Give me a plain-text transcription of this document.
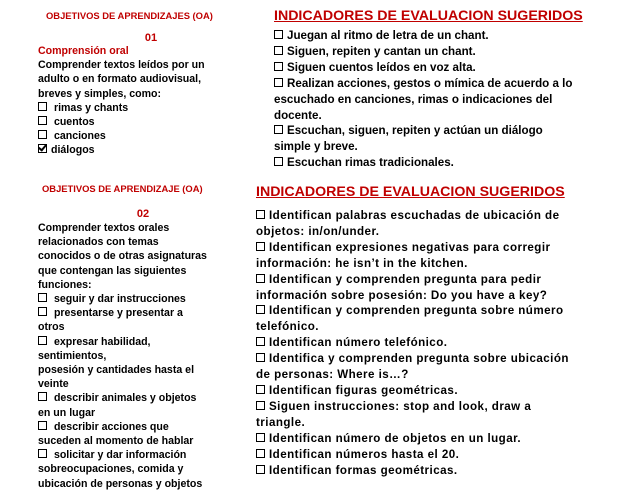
OBJETIVOS DE APRENDIZAJES (OA)
01
Comprensión oral
Comprender textos leídos por un
adulto o en formato audiovisual,
breves y simples, como:
rimas y chants
cuentos
canciones
diálogos
INDICADORES DE EVALUACION SUGERIDOS
Juegan al ritmo de letra de un chant.
Siguen, repiten y cantan un chant.
Siguen cuentos leídos en voz alta.
Realizan acciones, gestos o mímica de acuerdo a lo
escuchado en canciones, rimas o indicaciones del
docente.
Escuchan, siguen, repiten y actúan un diálogo
simple y breve.
Escuchan rimas tradicionales.
OBJETIVOS DE APRENDIZAJE (OA)
02
Comprender textos orales
relacionados con temas
conocidos o de otras asignaturas
que contengan las siguientes
funciones:
seguir y dar instrucciones
presentarse y presentar a
otros
expresar habilidad,
sentimientos,
posesión y cantidades hasta el
veinte
describir animales y objetos
en un lugar
describir acciones que
suceden al momento de hablar
solicitar y dar información
sobreocupaciones, comida y
ubicación de personas y objetos
INDICADORES DE EVALUACION SUGERIDOS
Identifican palabras escuchadas de ubicación de
objetos: in/on/under.
Identifican expresiones negativas para corregir
información: he isn’t in the kitchen.
Identifican y comprenden pregunta para pedir
información sobre posesión: Do you have a key?
Identifican y comprenden pregunta sobre número
telefónico.
Identifican número telefónico.
Identifica y comprenden pregunta sobre ubicación
de personas: Where is…?
Identifican figuras geométricas.
Siguen instrucciones: stop and look, draw a
triangle.
Identifican número de objetos en un lugar.
Identifican números hasta el 20.
Identifican formas geométricas.
